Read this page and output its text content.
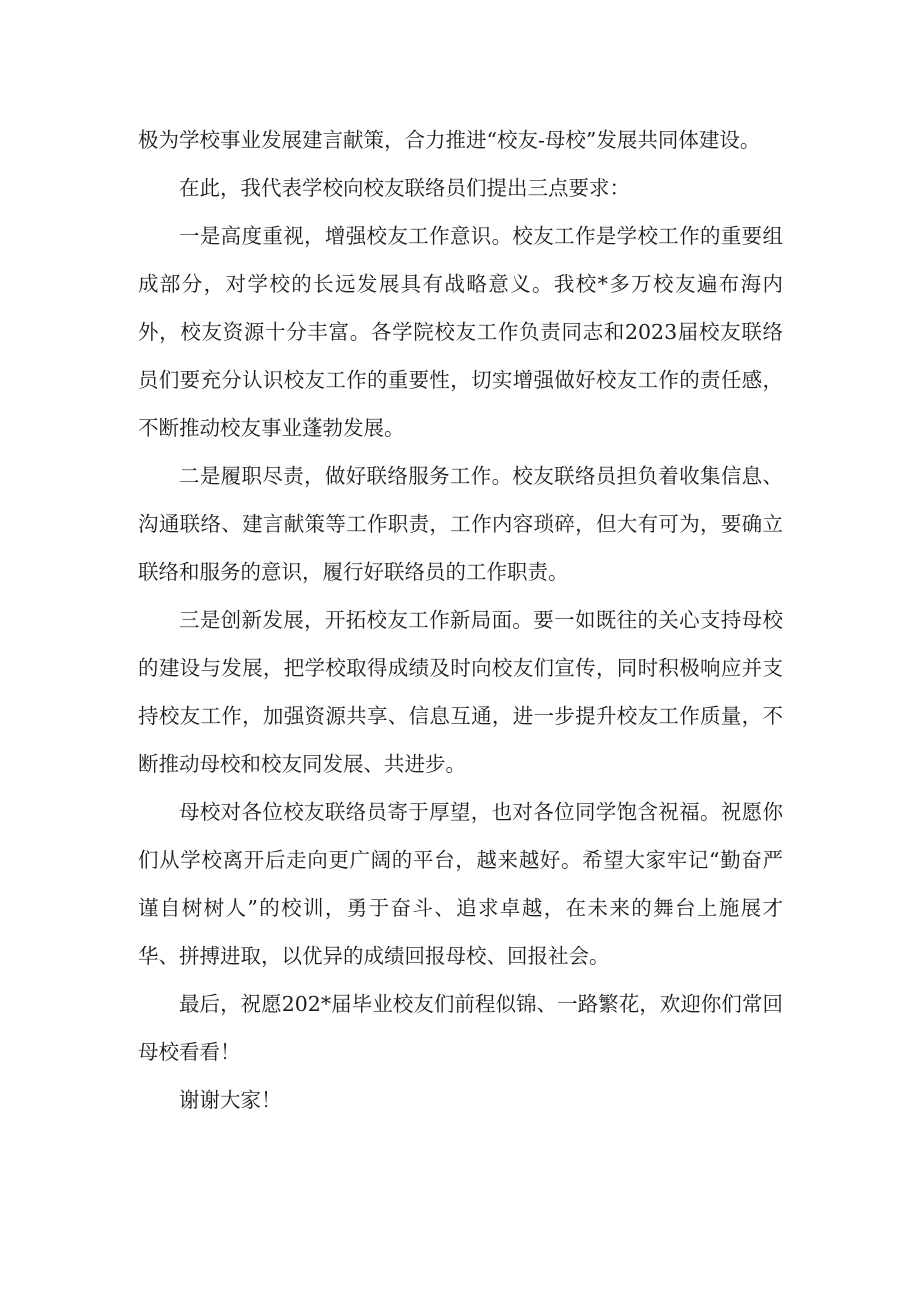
极为学校事业发展建言献策，合力推进“校友-母校”发展共同体建设。

在此，我代表学校向校友联络员们提出三点要求：

一是高度重视，增强校友工作意识。校友工作是学校工作的重要组成部分，对学校的长远发展具有战略意义。我校*多万校友遍布海内外，校友资源十分丰富。各学院校友工作负责同志和2023届校友联络员们要充分认识校友工作的重要性，切实增强做好校友工作的责任感，不断推动校友事业蓬勃发展。

二是履职尽责，做好联络服务工作。校友联络员担负着收集信息、沟通联络、建言献策等工作职责，工作内容琐碎，但大有可为，要确立联络和服务的意识，履行好联络员的工作职责。

三是创新发展，开拓校友工作新局面。要一如既往的关心支持母校的建设与发展，把学校取得成绩及时向校友们宣传，同时积极响应并支持校友工作，加强资源共享、信息互通，进一步提升校友工作质量，不断推动母校和校友同发展、共进步。

母校对各位校友联络员寄于厚望，也对各位同学饱含祝福。祝愿你们从学校离开后走向更广阔的平台，越来越好。希望大家牢记“勤奋严谨自树树人”的校训，勇于奋斗、追求卓越，在未来的舞台上施展才华、拼搏进取，以优异的成绩回报母校、回报社会。

最后，祝愿202*届毕业校友们前程似锦、一路繁花，欢迎你们常回母校看看！

谢谢大家！
